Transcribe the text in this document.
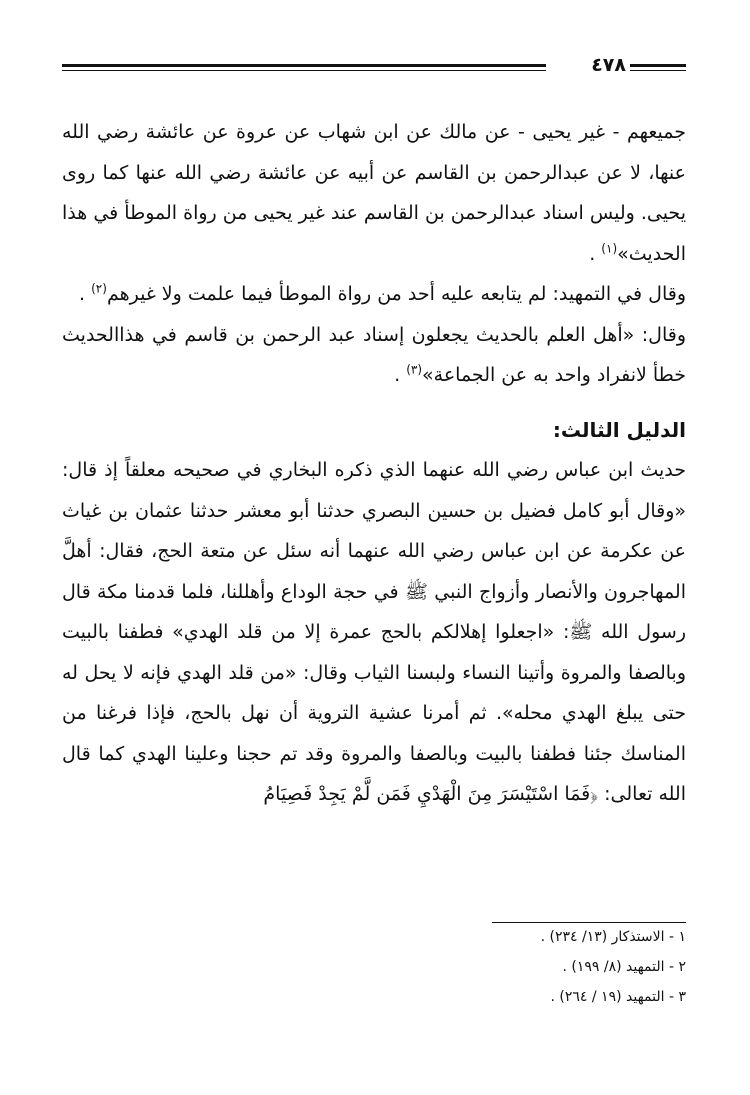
٤٧٨

جميعهم - غير يحيى - عن مالك عن ابن شهاب عن عروة عن عائشة رضي الله عنها، لا عن عبدالرحمن بن القاسم عن أبيه عن عائشة رضي الله عنها كما روى يحيى. وليس اسناد عبدالرحمن بن القاسم عند غير يحيى من رواة الموطأ في هذا الحديث»$^{(١)}$ .

وقال في التمهيد: لم يتابعه عليه أحد من رواة الموطأ فيما علمت ولا غيرهم$^{(٢)}$ .

وقال: «أهل العلم بالحديث يجعلون إسناد عبد الرحمن بن قاسم في هذاالحديث خطأ لانفراد واحد به عن الجماعة»$^{(٣)}$ .

الدليل الثالث:

حديث ابن عباس رضي الله عنهما الذي ذكره البخاري في صحيحه معلقاً إذ قال: «وقال أبو كامل فضيل بن حسين البصري حدثنا أبو معشر حدثنا عثمان بن غياث عن عكرمة عن ابن عباس رضي الله عنهما أنه سئل عن متعة الحج، فقال: أهلَّ المهاجرون والأنصار وأزواج النبي ﷺ في حجة الوداع وأهللنا، فلما قدمنا مكة قال رسول الله ﷺ: «اجعلوا إهلالكم بالحج عمرة إلا من قلد الهدي» فطفنا بالبيت وبالصفا والمروة وأتينا النساء ولبسنا الثياب وقال: «من قلد الهدي فإنه لا يحل له حتى يبلغ الهدي محله». ثم أمرنا عشية التروية أن نهل بالحج، فإذا فرغنا من المناسك جئنا فطفنا بالبيت وبالصفا والمروة وقد تم حجنا وعلينا الهدي كما قال الله تعالى: ﴿فَمَا اسْتَيْسَرَ مِنَ الْهَدْيِ فَمَن لَّمْ يَجِدْ فَصِيَامُ

١ - الاستذكار (١٣/ ٢٣٤) .

٢ - التمهيد (٨/ ١٩٩) .

٣ - التمهيد (١٩ / ٢٦٤) .
